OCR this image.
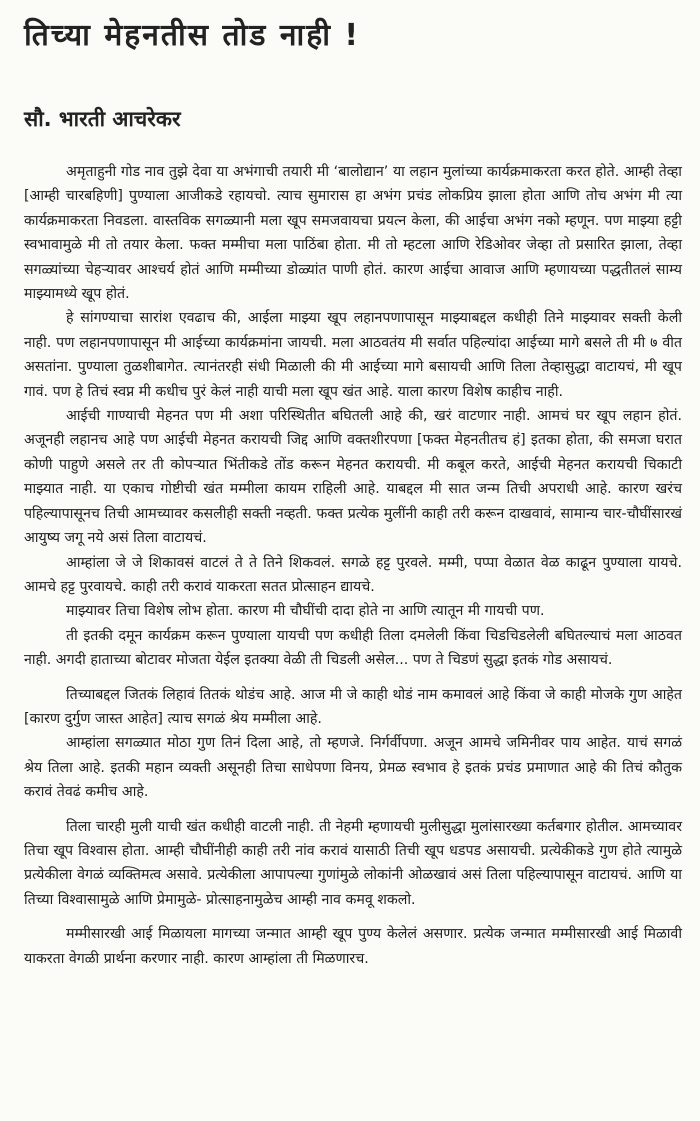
तिच्या मेहनतीस तोड नाही !
सौ. भारती आचरेकर

अमृताहुनी गोड नाव तुझे देवा या अभंगाची तयारी मी ‘बालोद्यान’ या लहान मुलांच्या कार्यक्रमाकरता करत होते. आम्ही तेव्हा [आम्ही चारबहिणी] पुण्याला आजीकडे रहायचो. त्याच सुमारास हा अभंग प्रचंड लोकप्रिय झाला होता आणि तोच अभंग मी त्या कार्यक्रमाकरता निवडला. वास्तविक सगळ्यानी मला खूप समजवायचा प्रयत्न केला, की आईचा अभंग नको म्हणून. पण माझ्या हट्टी स्वभावामुळे मी तो तयार केला. फक्त मम्मीचा मला पाठिंबा होता. मी तो म्हटला आणि रेडिओवर जेव्हा तो प्रसारित झाला, तेव्हा सगळ्यांच्या चेहऱ्यावर आश्चर्य होतं आणि मम्मीच्या डोळ्यांत पाणी होतं. कारण आईचा आवाज आणि म्हणायच्या पद्धतीतलं साम्य माझ्यामध्ये खूप होतं.

हे सांगण्याचा सारांश एवढाच की, आईला माझ्या खूप लहानपणापासून माझ्याबद्दल कधीही तिने माझ्यावर सक्ती केली नाही. पण लहानपणापासून मी आईच्या कार्यक्रमांना जायची. मला आठवतंय मी सर्वात पहिल्यांदा आईच्या मागे बसले ती मी ७ वीत असतांना. पुण्याला तुळशीबागेत. त्यानंतरही संधी मिळाली की मी आईच्या मागे बसायची आणि तिला तेव्हासुद्धा वाटायचं, मी खूप गावं. पण हे तिचं स्वप्न मी कधीच पुरं केलं नाही याची मला खूप खंत आहे. याला कारण विशेष काहीच नाही.

आईची गाण्याची मेहनत पण मी अशा परिस्थितीत बघितली आहे की, खरं वाटणार नाही. आमचं घर खूप लहान होतं. अजूनही लहानच आहे पण आईची मेहनत करायची जिद्द आणि वक्तशीरपणा [फक्त मेहनतीतच हं] इतका होता, की समजा घरात कोणी पाहुणे असले तर ती कोपऱ्यात भिंतीकडे तोंड करून मेहनत करायची. मी कबूल करते, आईची मेहनत करायची चिकाटी माझ्यात नाही. या एकाच गोष्टीची खंत मम्मीला कायम राहिली आहे. याबद्दल मी सात जन्म तिची अपराधी आहे. कारण खरंच पहिल्यापासूनच तिची आमच्यावर कसलीही सक्ती नव्हती. फक्त प्रत्येक मुलींनी काही तरी करून दाखवावं, सामान्य चार-चौघींसारखं आयुष्य जगू नये असं तिला वाटायचं.

आम्हांला जे जे शिकावसं वाटलं ते ते तिने शिकवलं. सगळे हट्ट पुरवले. मम्मी, पप्पा वेळात वेळ काढून पुण्याला यायचे. आमचे हट्ट पुरवायचे. काही तरी करावं याकरता सतत प्रोत्साहन द्यायचे.

माझ्यावर तिचा विशेष लोभ होता. कारण मी चौघींची दादा होते ना आणि त्यातून मी गायची पण.

ती इतकी दमून कार्यक्रम करून पुण्याला यायची पण कधीही तिला दमलेली किंवा चिडचिडलेली बघितल्याचं मला आठवत नाही. अगदी हाताच्या बोटावर मोजता येईल इतक्या वेळी ती चिडली असेल... पण ते चिडणं सुद्धा इतकं गोड असायचं.

तिच्याबद्दल जितकं लिहावं तितकं थोडंच आहे. आज मी जे काही थोडं नाम कमावलं आहे किंवा जे काही मोजके गुण आहेत [कारण दुर्गुण जास्त आहेत] त्याच सगळं श्रेय मम्मीला आहे.

आम्हांला सगळ्यात मोठा गुण तिनं दिला आहे, तो म्हणजे. निर्गर्वीपणा. अजून आमचे जमिनीवर पाय आहेत. याचं सगळं श्रेय तिला आहे. इतकी महान व्यक्ती असूनही तिचा साधेपणा विनय, प्रेमळ स्वभाव हे इतकं प्रचंड प्रमाणात आहे की तिचं कौतुक करावं तेवढं कमीच आहे.

तिला चारही मुली याची खंत कधीही वाटली नाही. ती नेहमी म्हणायची मुलीसुद्धा मुलांसारख्या कर्तबगार होतील. आमच्यावर तिचा खूप विश्वास होता. आम्ही चौघींनीही काही तरी नांव करावं यासाठी तिची खूप धडपड असायची. प्रत्येकीकडे गुण होते त्यामुळे प्रत्येकीला वेगळं व्यक्तिमत्व असावे. प्रत्येकीला आपापल्या गुणांमुळे लोकांनी ओळखावं असं तिला पहिल्यापासून वाटायचं. आणि या तिच्या विश्वासामुळे आणि प्रेमामुळे- प्रोत्साहनामुळेच आम्ही नाव कमवू शकलो.

मम्मीसारखी आई मिळायला मागच्या जन्मात आम्ही खूप पुण्य केलेलं असणार. प्रत्येक जन्मात मम्मीसारखी आई मिळावी याकरता वेगळी प्रार्थना करणार नाही. कारण आम्हांला ती मिळणारच.
